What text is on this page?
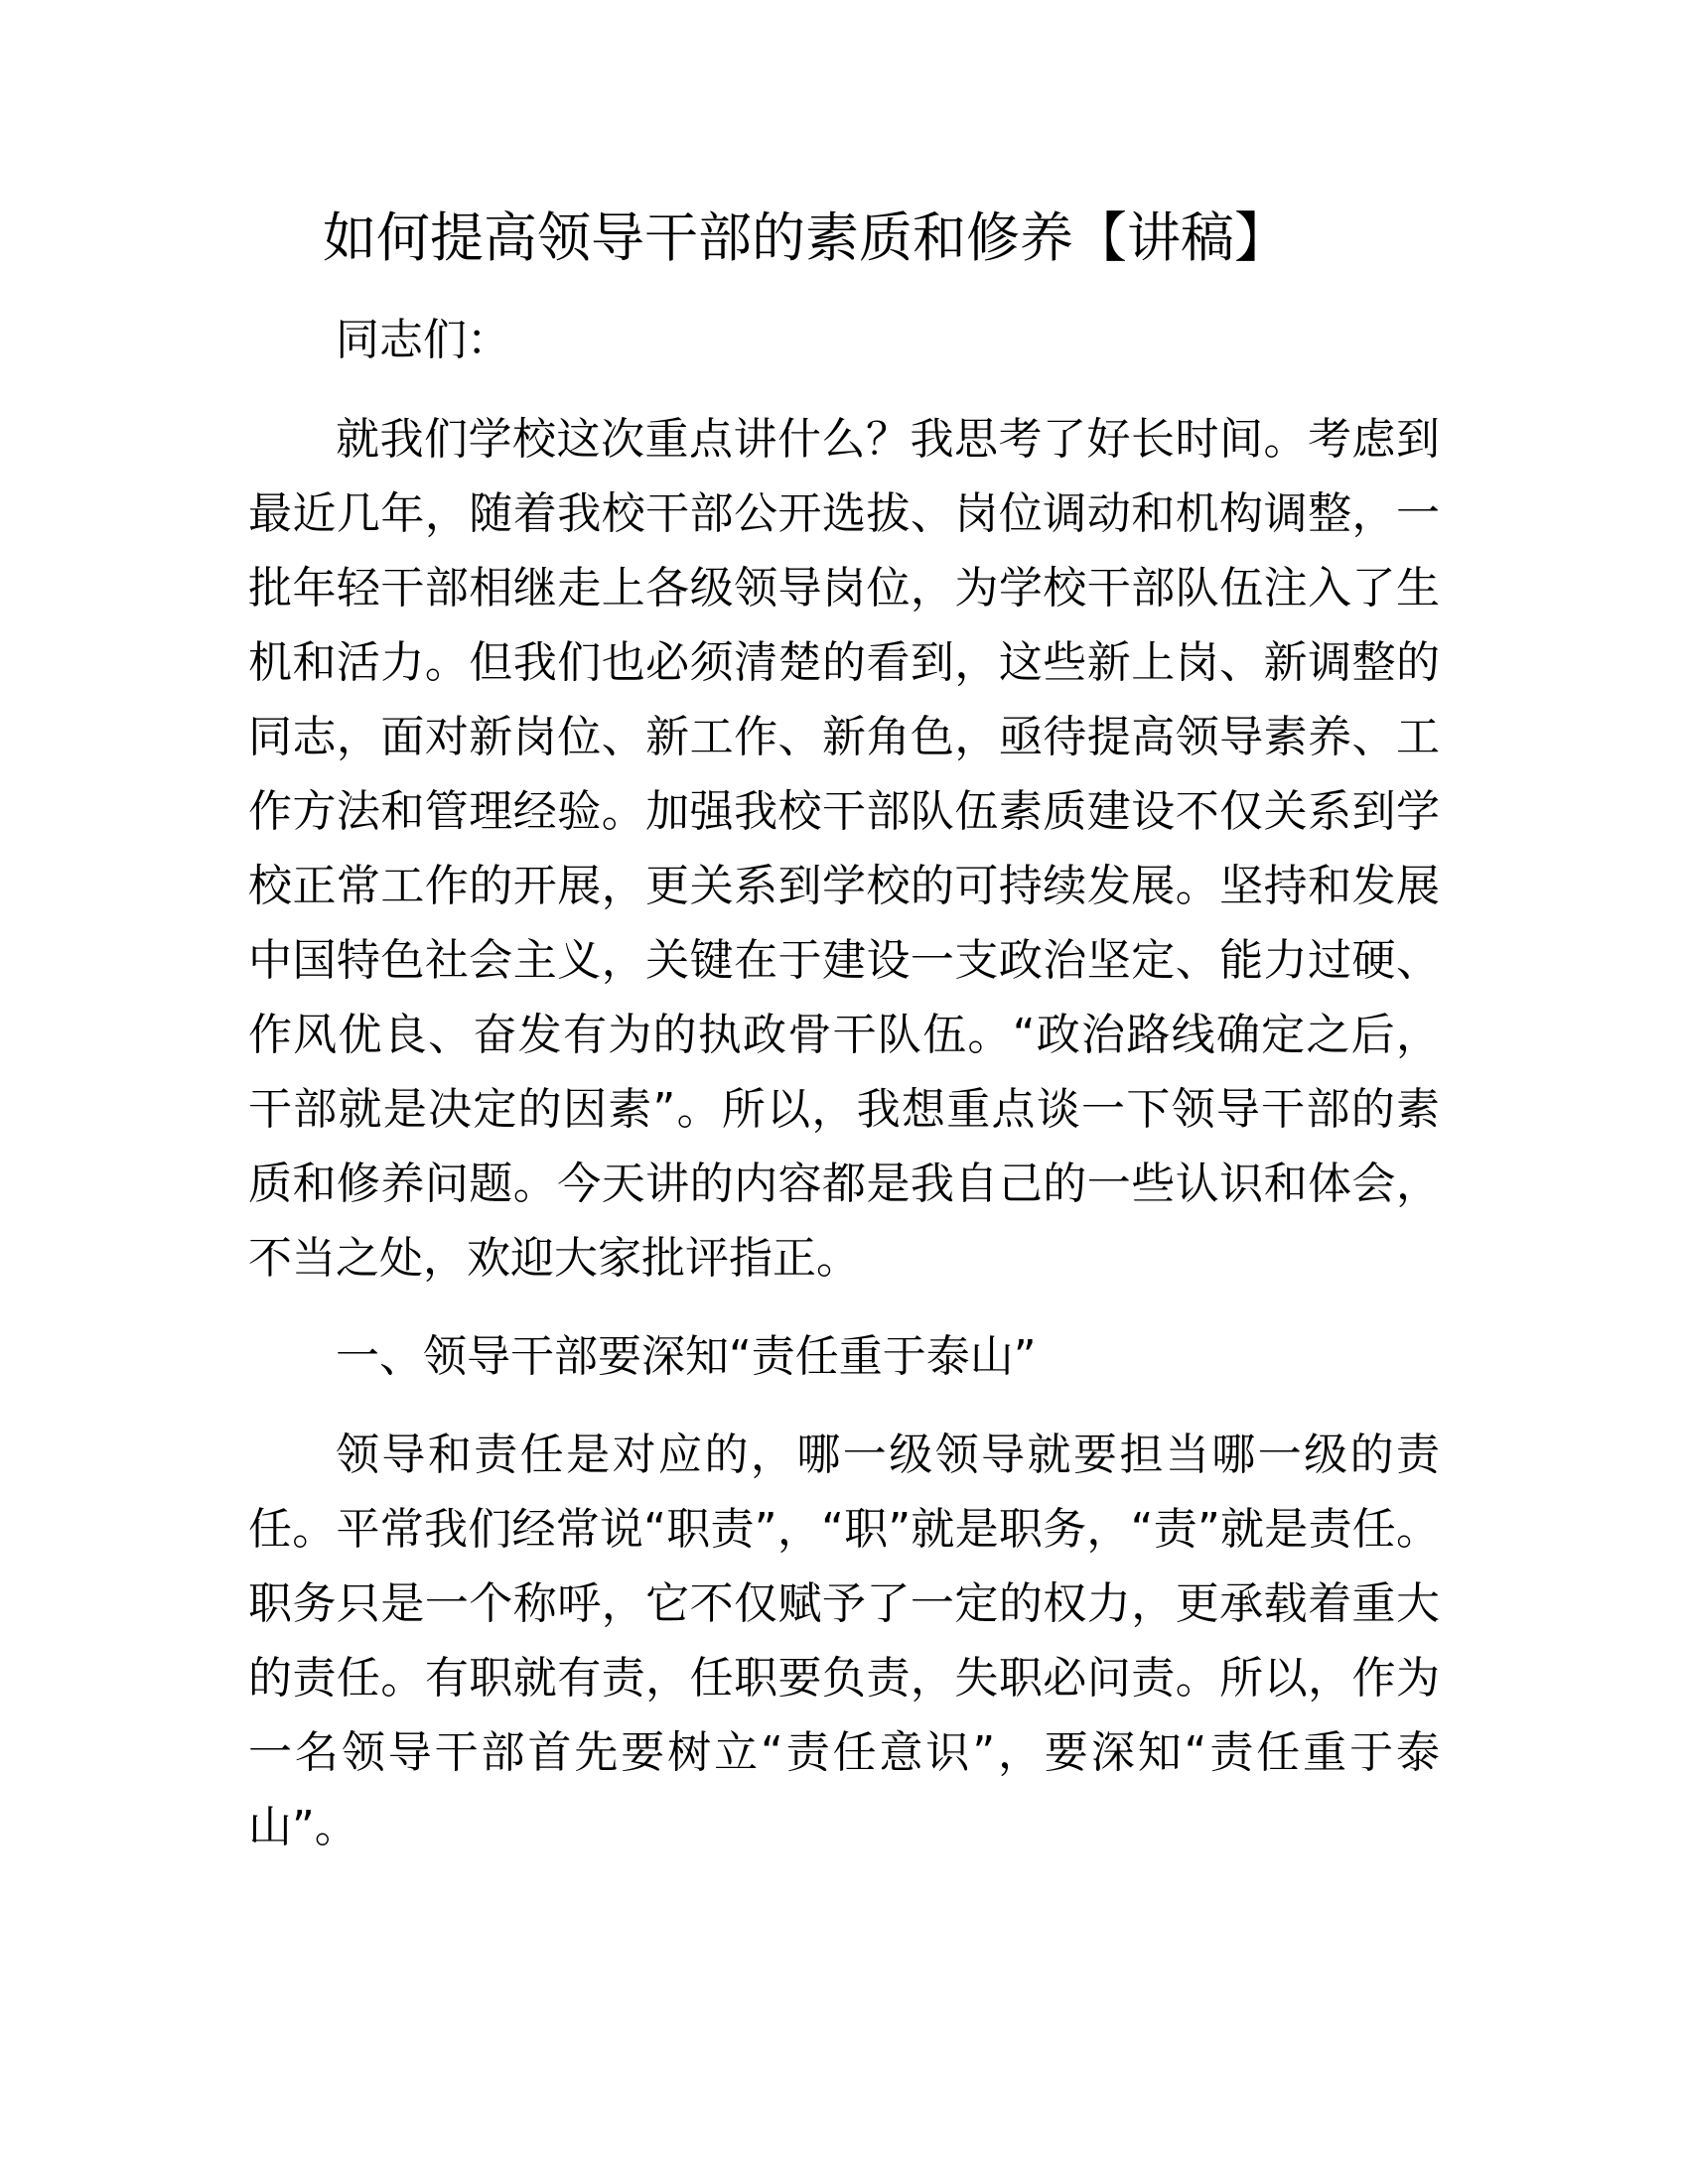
如何提高领导干部的素质和修养【讲稿】

同志们：

就我们学校这次重点讲什么？我思考了好长时间。考虑到最近几年，随着我校干部公开选拔、岗位调动和机构调整，一批年轻干部相继走上各级领导岗位，为学校干部队伍注入了生机和活力。但我们也必须清楚的看到，这些新上岗、新调整的同志，面对新岗位、新工作、新角色，亟待提高领导素养、工作方法和管理经验。加强我校干部队伍素质建设不仅关系到学校正常工作的开展，更关系到学校的可持续发展。坚持和发展中国特色社会主义，关键在于建设一支政治坚定、能力过硬、作风优良、奋发有为的执政骨干队伍。“政治路线确定之后，干部就是决定的因素”。所以，我想重点谈一下领导干部的素质和修养问题。今天讲的内容都是我自己的一些认识和体会，不当之处，欢迎大家批评指正。

一、领导干部要深知“责任重于泰山”

领导和责任是对应的，哪一级领导就要担当哪一级的责任。平常我们经常说“职责”，“职”就是职务，“责”就是责任。职务只是一个称呼，它不仅赋予了一定的权力，更承载着重大的责任。有职就有责，任职要负责，失职必问责。所以，作为一名领导干部首先要树立“责任意识”，要深知“责任重于泰山”。
